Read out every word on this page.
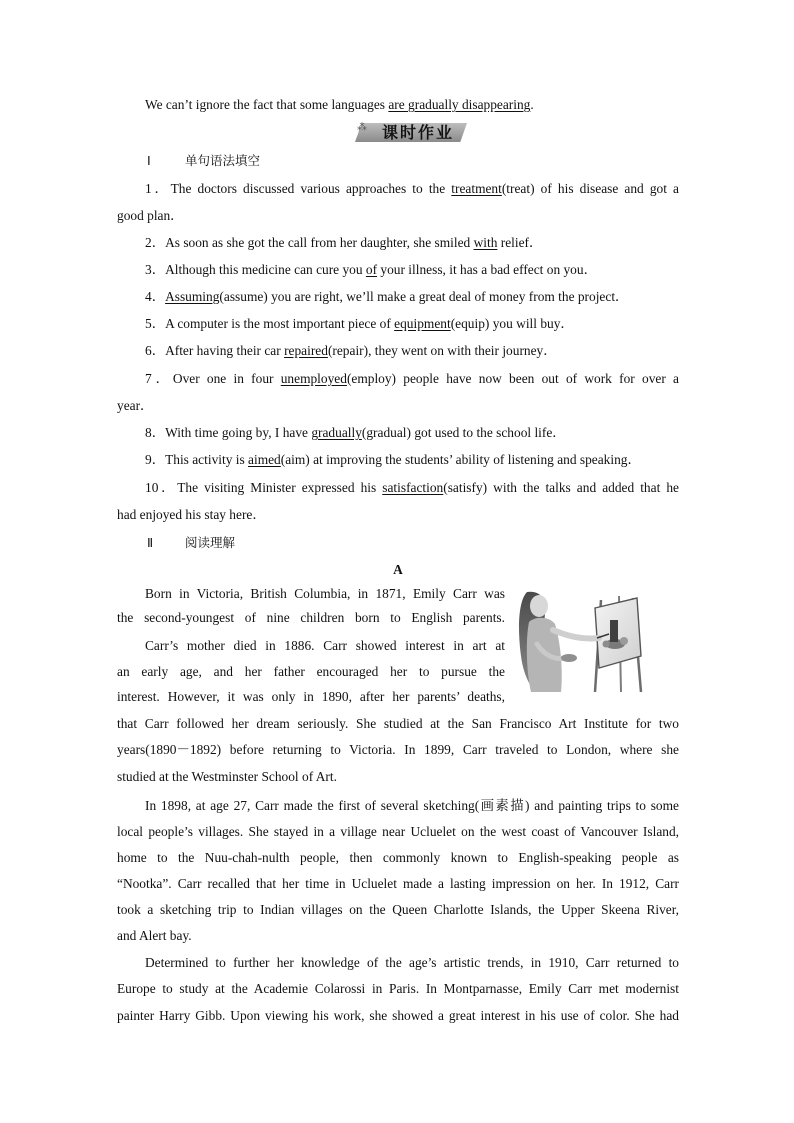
We can’t ignore the fact that some languages are gradually disappearing.
⁂ 课时作业
Ⅰ	单句语法填空
1．The doctors discussed various approaches to the treatment(treat) of his disease and got a
good plan．
2．As soon as she got the call from her daughter, she smiled with relief．
3．Although this medicine can cure you of your illness, it has a bad effect on you．
4．Assuming(assume) you are right, we’ll make a great deal of money from the project．
5．A computer is the most important piece of equipment(equip) you will buy．
6．After having their car repaired(repair), they went on with their journey．
7．Over one in four unemployed(employ) people have now been out of work for over a
year．
8．With time going by, I have gradually(gradual) got used to the school life．
9．This activity is aimed(aim) at improving the students’ ability of listening and speaking．
10．The visiting Minister expressed his satisfaction(satisfy) with the talks and added that he
had enjoyed his stay here．
Ⅱ	阅读理解
A
Born in Victoria, British Columbia, in 1871, Emily Carr was
the second-youngest of nine children born to English parents.
Carr’s mother died in 1886. Carr showed interest in art at
an early age, and her father encouraged her to pursue the
interest. However, it was only in 1890, after her parents’ deaths,
that Carr followed her dream seriously. She studied at the San Francisco Art Institute for two
years(1890－1892) before returning to Victoria. In 1899, Carr traveled to London, where she
studied at the Westminster School of Art.
In 1898, at age 27, Carr made the first of several sketching(画素描) and painting trips to some
local people’s villages. She stayed in a village near Ucluelet on the west coast of Vancouver Island,
home to the Nuu-chah-nulth people, then commonly known to English-speaking people as
“Nootka”. Carr recalled that her time in Ucluelet made a lasting impression on her. In 1912, Carr
took a sketching trip to Indian villages on the Queen Charlotte Islands, the Upper Skeena River,
and Alert bay.
Determined to further her knowledge of the age’s artistic trends, in 1910, Carr returned to
Europe to study at the Academie Colarossi in Paris. In Montparnasse, Emily Carr met modernist
painter Harry Gibb. Upon viewing his work, she showed a great interest in his use of color. She had
